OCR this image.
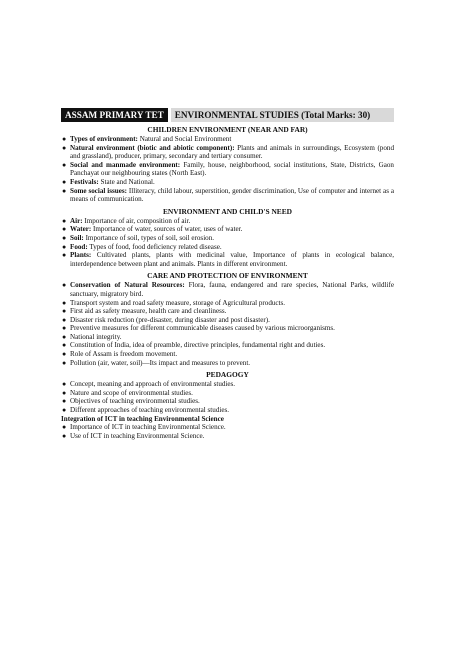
ASSAM PRIMARY TET	ENVIRONMENTAL STUDIES (Total Marks: 30)
CHILDREN ENVIRONMENT (NEAR AND FAR)
● Types of environment: Natural and Social Environment
● Natural environment (biotic and abiotic component): Plants and animals in surroundings, Ecosystem (pond and grassland), producer, primary, secondary and tertiary consumer.
● Social and manmade environment: Family, house, neighborhood, social institutions, State, Districts, Gaon Panchayat our neighbouring states (North East).
● Festivals: State and National.
● Some social issues: Illiteracy, child labour, superstition, gender discrimination, Use of computer and internet as a means of communication.
ENVIRONMENT AND CHILD'S NEED
● Air: Importance of air, composition of air.
● Water: Importance of water, sources of water, uses of water.
● Soil: Importance of soil, types of soil, soil erosion.
● Food: Types of food, food deficiency related disease.
● Plants: Cultivated plants, plants with medicinal value, Importance of plants in ecological balance, interdependence between plant and animals. Plants in different environment.
CARE AND PROTECTION OF ENVIRONMENT
● Conservation of Natural Resources: Flora, fauna, endangered and rare species, National Parks, wildlife sanctuary, migratory bird.
● Transport system and road safety measure, storage of Agricultural products.
● First aid as safety measure, health care and cleanliness.
● Disaster risk reduction (pre-disaster, during disaster and post disaster).
● Preventive measures for different communicable diseases caused by various microorganisms.
● National integrity.
● Constitution of India, idea of preamble, directive principles, fundamental right and duties.
● Role of Assam is freedom movement.
● Pollution (air, water, soil)—Its impact and measures to prevent.
PEDAGOGY
● Concept, meaning and approach of environmental studies.
● Nature and scope of environmental studies.
● Objectives of teaching environmental studies.
● Different approaches of teaching environmental studies.
Integration of ICT in teaching Environmental Science
● Importance of ICT in teaching Environmental Science.
● Use of ICT in teaching Environmental Science.
